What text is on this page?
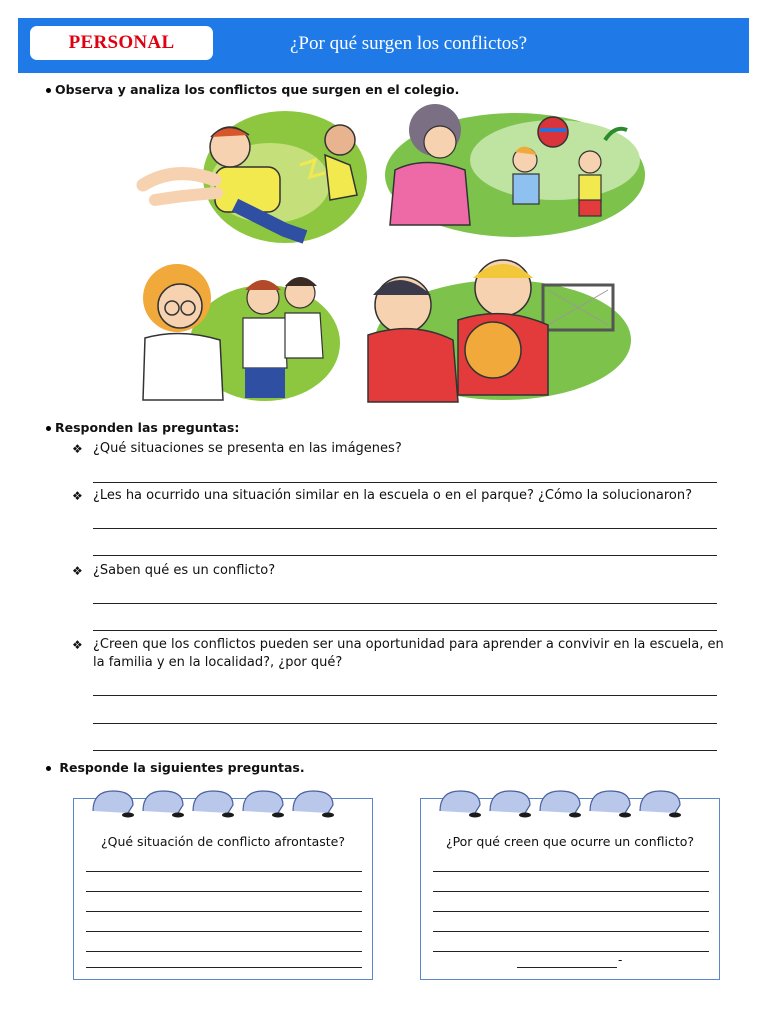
PERSONAL	¿Por qué surgen los conflictos?
Observa y analiza los conflictos que surgen en el colegio.
Responden las preguntas:
❖ ¿Qué situaciones se presenta en las imágenes?
❖ ¿Les ha ocurrido una situación similar en la escuela o en el parque? ¿Cómo la solucionaron?
❖ ¿Saben qué es un conflicto?
❖ ¿Creen que los conflictos pueden ser una oportunidad para aprender a convivir en la escuela, en la familia y en la localidad?, ¿por qué?
Responde la siguientes preguntas.
¿Qué situación de conflicto afrontaste?	¿Por qué creen que ocurre un conflicto?
-
